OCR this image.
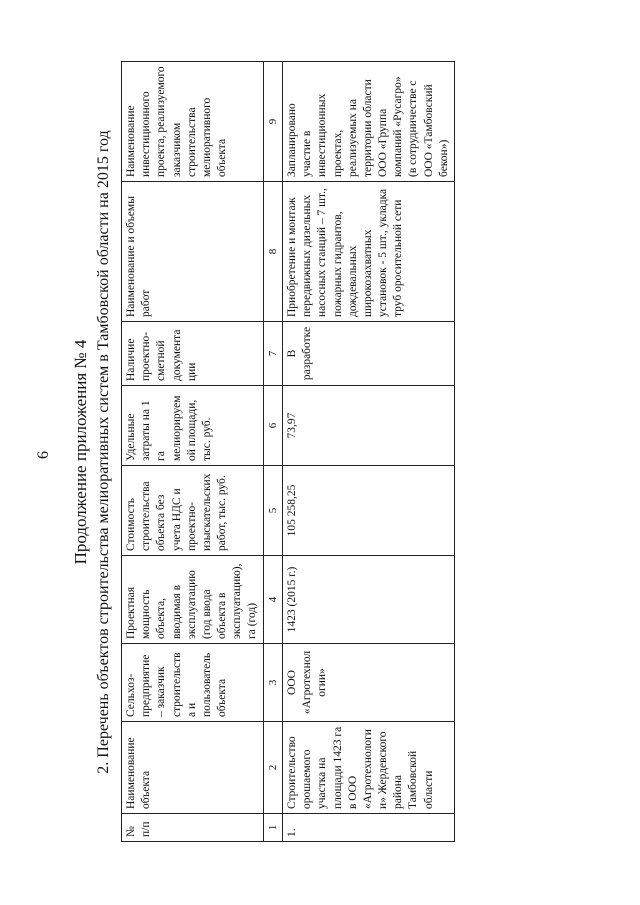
6 Продолжение приложения № 4 2. Перечень объектов строительства мелиоративных систем в Тамбовской области на 2015 год
№ п/п	Наименование объекта	Сельхоз-предприятие – заказчик строительства и пользователь объекта	Проектная мощность объекта, вводимая в эксплуатацию (год ввода объекта в эксплуатацию), га (год)	Стоимость строительства объекта без учета НДС и проектно-изыскательских работ, тыс. руб.	Удельные затраты на 1 га мелиорируемой площади, тыс. руб.	Наличие проектно-сметной документации	Наименование и объемы работ	Наименование инвестиционного проекта, реализуемого заказчиком строительства мелиоративного объекта
1	2	3	4	5	6	7	8	9
1.	Строительство орошаемого участка на площади 1423 га в ООО «Агротехнологии» Жердевского района Тамбовской области	ООО «Агротехнологии»	1423 (2015 г.)	105 258,25	73,97	В разработке	Приобретение и монтаж передвижных дизельных насосных станций – 7 шт., пожарных гидрантов, дождевальных широкозахватных установок - 5 шт., укладка труб оросительной сети	Запланировано участие в инвестиционных проектах, реализуемых на территории области ООО «Группа компаний «Русагро» (в сотрудничестве с ООО «Тамбовский бекон»)
